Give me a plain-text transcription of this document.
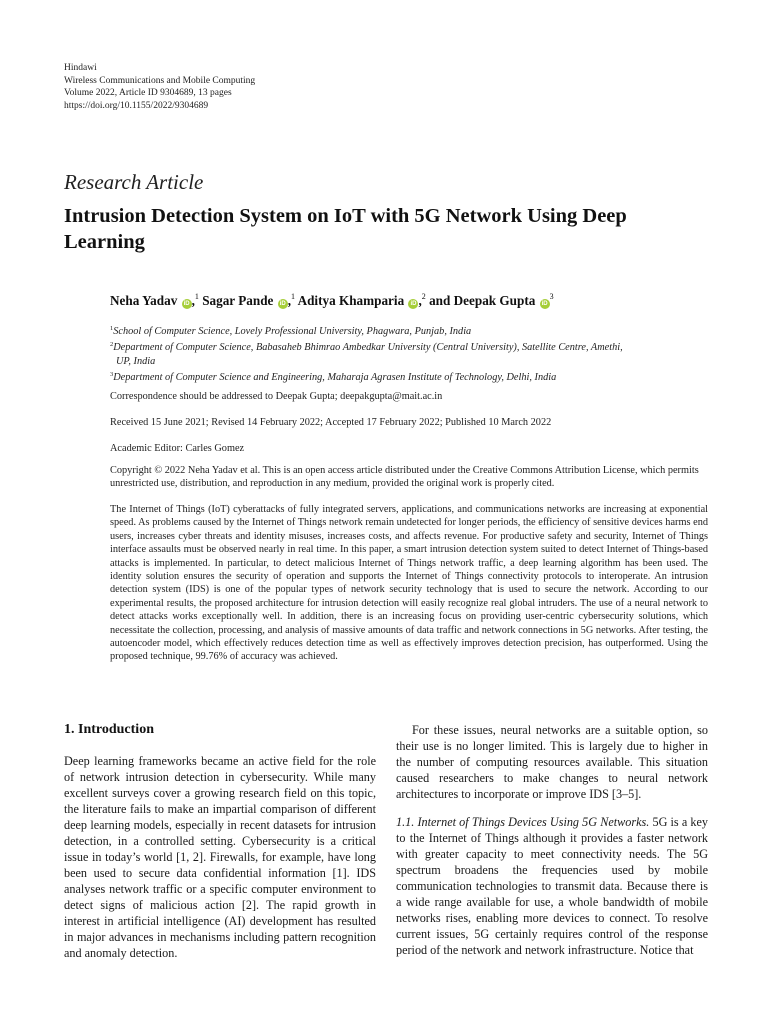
Hindawi
Wireless Communications and Mobile Computing
Volume 2022, Article ID 9304689, 13 pages
https://doi.org/10.1155/2022/9304689
Research Article
Intrusion Detection System on IoT with 5G Network Using Deep Learning
Neha Yadav iD ,$^1$ Sagar Pande iD ,$^1$ Aditya Khamparia iD ,$^2$ and Deepak Gupta $iD^3$
$^1$School of Computer Science, Lovely Professional University, Phagwara, Punjab, India
$^2$Department of Computer Science, Babasaheb Bhimrao Ambedkar University (Central University), Satellite Centre, Amethi,
UP, India
$^3$Department of Computer Science and Engineering, Maharaja Agrasen Institute of Technology, Delhi, India
Correspondence should be addressed to Deepak Gupta; deepakgupta@mait.ac.in
Received 15 June 2021; Revised 14 February 2022; Accepted 17 February 2022; Published 10 March 2022
Academic Editor: Carles Gomez
Copyright © 2022 Neha Yadav et al. This is an open access article distributed under the Creative Commons Attribution License, which permits unrestricted use, distribution, and reproduction in any medium, provided the original work is properly cited.
The Internet of Things (IoT) cyberattacks of fully integrated servers, applications, and communications networks are increasing at exponential speed. As problems caused by the Internet of Things network remain undetected for longer periods, the efficiency of sensitive devices harms end users, increases cyber threats and identity misuses, increases costs, and affects revenue. For productive safety and security, Internet of Things interface assaults must be observed nearly in real time. In this paper, a smart intrusion detection system suited to detect Internet of Things-based attacks is implemented. In particular, to detect malicious Internet of Things network traffic, a deep learning algorithm has been used. The identity solution ensures the security of operation and supports the Internet of Things connectivity protocols to interoperate. An intrusion detection system (IDS) is one of the popular types of network security technology that is used to secure the network. According to our experimental results, the proposed architecture for intrusion detection will easily recognize real global intruders. The use of a neural network to detect attacks works exceptionally well. In addition, there is an increasing focus on providing user-centric cybersecurity solutions, which necessitate the collection, processing, and analysis of massive amounts of data traffic and network connections in 5G networks. After testing, the autoencoder model, which effectively reduces detection time as well as effectively improves detection precision, has outperformed. Using the proposed technique, 99.76% of accuracy was achieved.
1. Introduction

Deep learning frameworks became an active field for the role of network intrusion detection in cybersecurity. While many excellent surveys cover a growing research field on this topic, the literature fails to make an impartial comparison of different deep learning models, especially in recent datasets for intrusion detection, in a controlled setting. Cybersecurity is a critical issue in today’s world [1, 2]. Firewalls, for example, have long been used to secure data confidential information [1]. IDS analyses network traffic or a specific computer environment to detect signs of malicious action [2]. The rapid growth in interest in artificial intelligence (AI) development has resulted in major advances in mechanisms including pattern recognition and anomaly detection.

For these issues, neural networks are a suitable option, so their use is no longer limited. This is largely due to higher in the number of computing resources available. This situation caused researchers to make changes to neural network architectures to incorporate or improve IDS [3–5].

1.1. Internet of Things Devices Using 5G Networks. 5G is a key to the Internet of Things although it provides a faster network with greater capacity to meet connectivity needs. The 5G spectrum broadens the frequencies used by mobile communication technologies to transmit data. Because there is a wide range available for use, a whole bandwidth of mobile networks rises, enabling more devices to connect. To resolve current issues, 5G certainly requires control of the response period of the network and network infrastructure. Notice that
